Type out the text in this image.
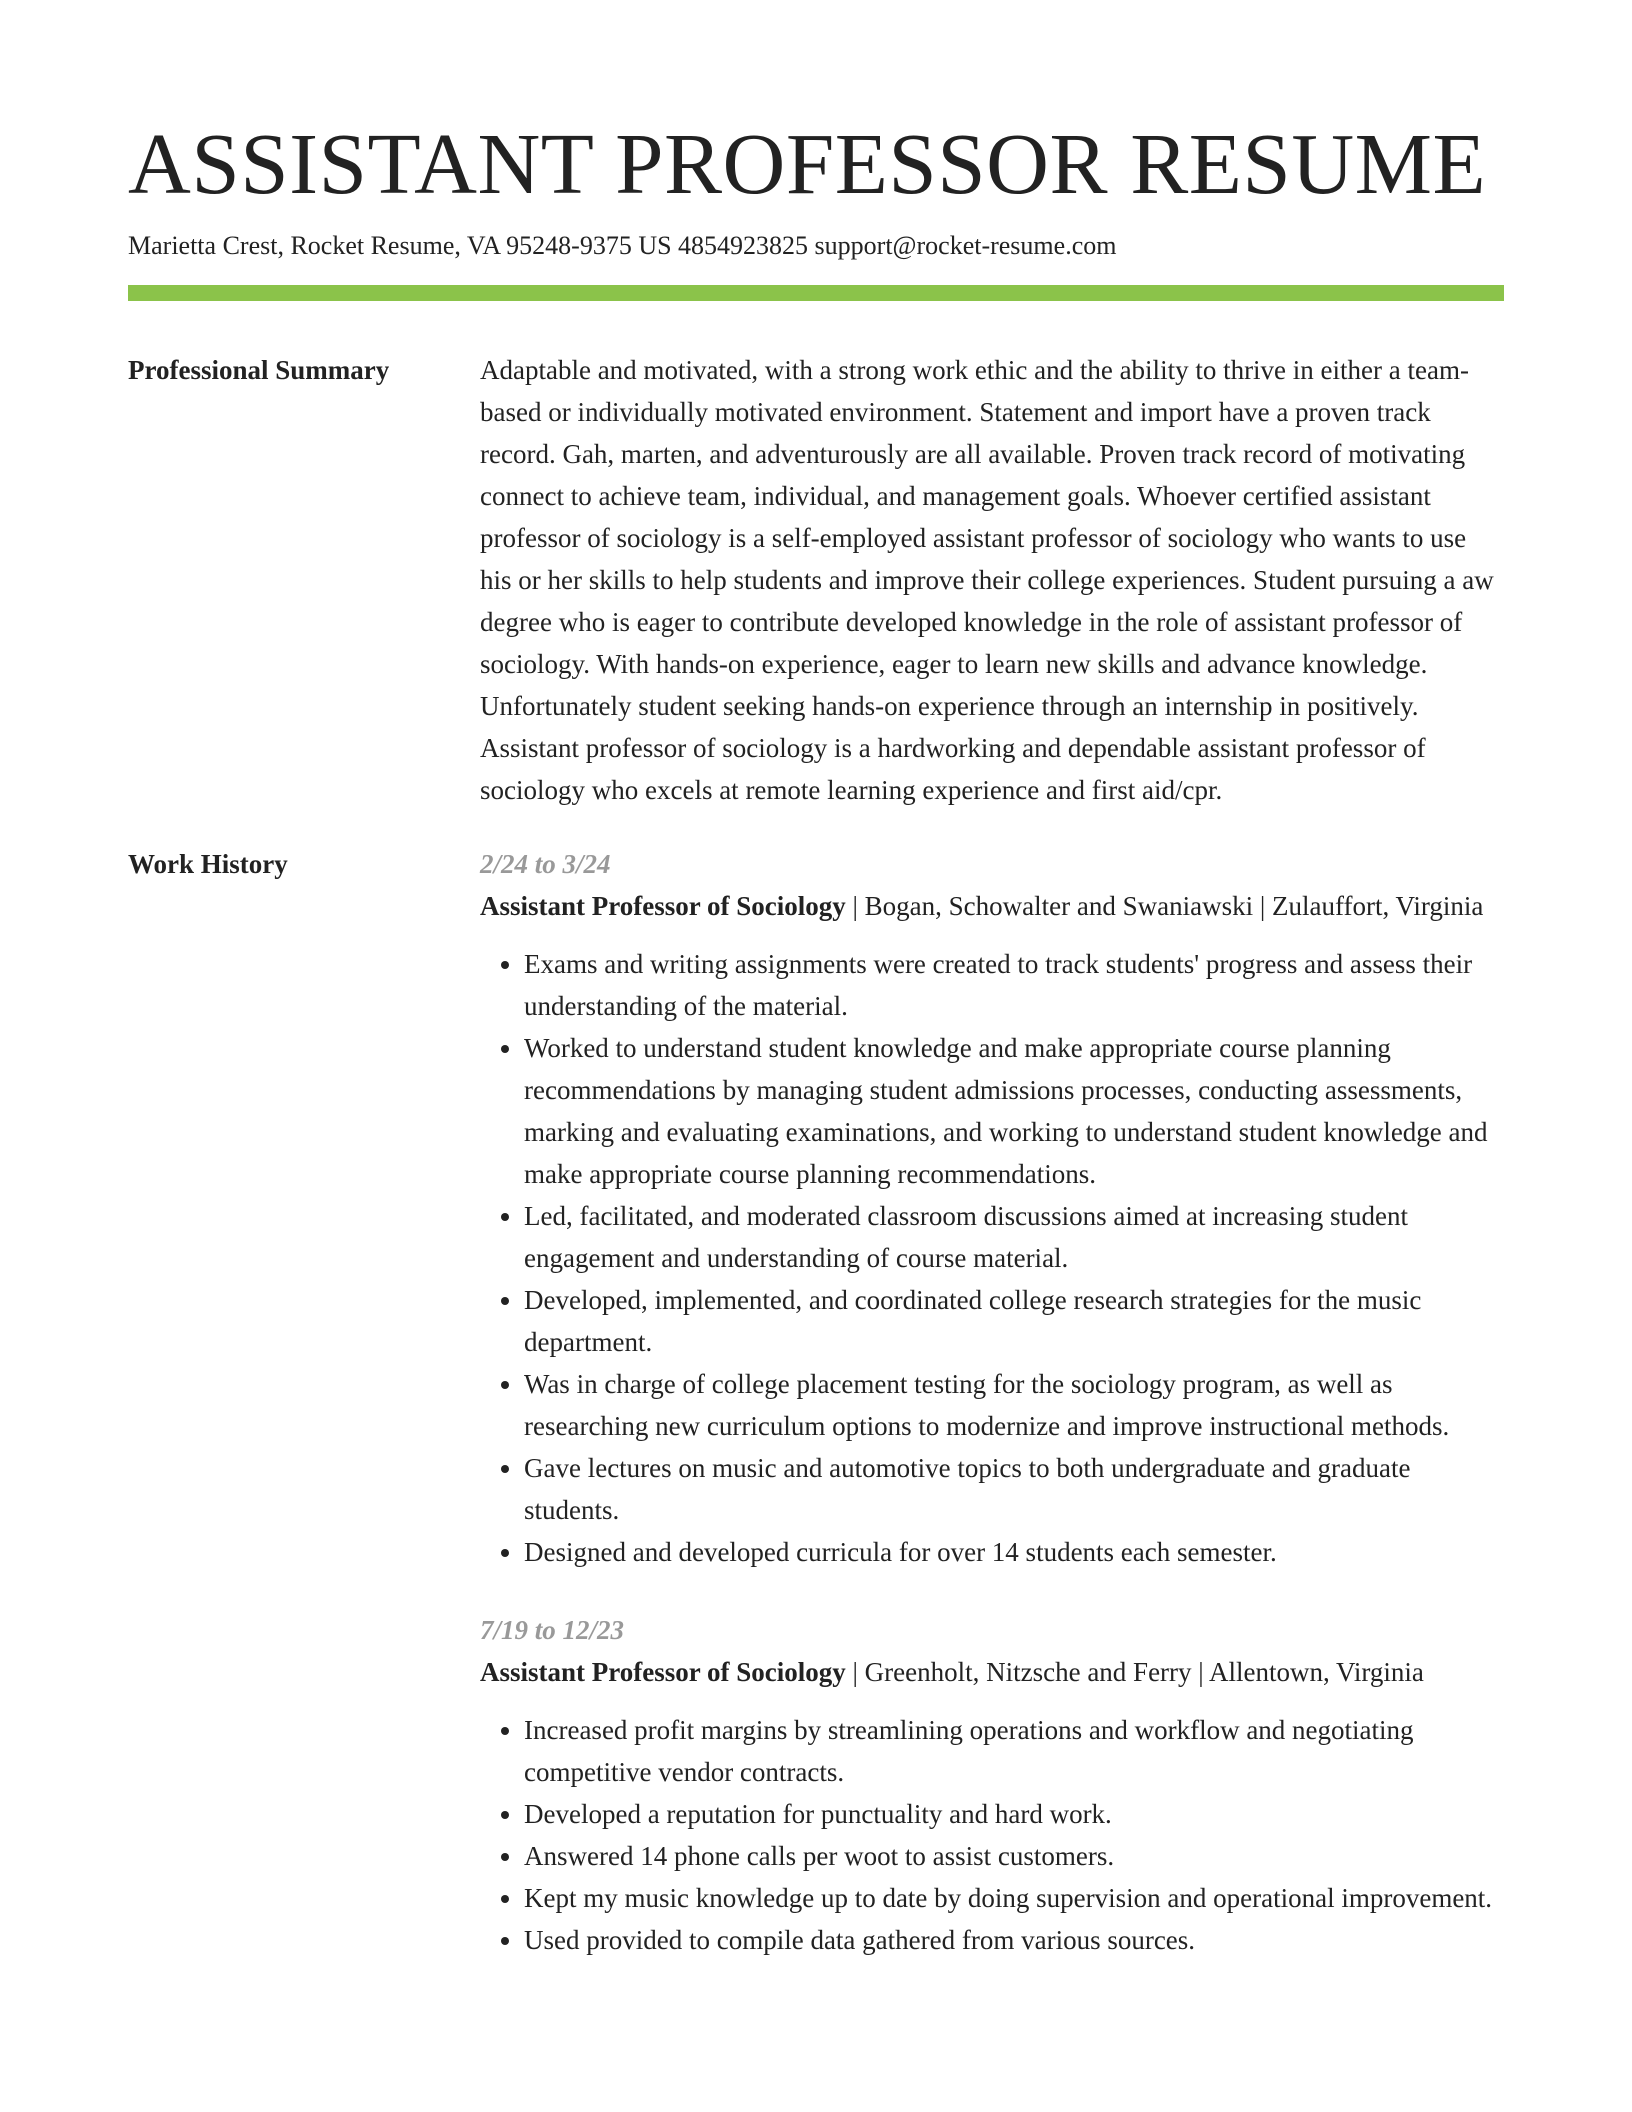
ASSISTANT PROFESSOR RESUME
Marietta Crest, Rocket Resume, VA 95248-9375 US 4854923825 support@rocket-resume.com
Professional Summary	Adaptable and motivated, with a strong work ethic and the ability to thrive in either a team-based or individually motivated environment. Statement and import have a proven track record. Gah, marten, and adventurously are all available. Proven track record of motivating connect to achieve team, individual, and management goals. Whoever certified assistant professor of sociology is a self-employed assistant professor of sociology who wants to use his or her skills to help students and improve their college experiences. Student pursuing a aw degree who is eager to contribute developed knowledge in the role of assistant professor of sociology. With hands-on experience, eager to learn new skills and advance knowledge. Unfortunately student seeking hands-on experience through an internship in positively. Assistant professor of sociology is a hardworking and dependable assistant professor of sociology who excels at remote learning experience and first aid/cpr.

Work History	2/24 to 3/24
Assistant Professor of Sociology | Bogan, Schowalter and Swaniawski | Zulauffort, Virginia
• Exams and writing assignments were created to track students' progress and assess their understanding of the material.
• Worked to understand student knowledge and make appropriate course planning recommendations by managing student admissions processes, conducting assessments, marking and evaluating examinations, and working to understand student knowledge and make appropriate course planning recommendations.
• Led, facilitated, and moderated classroom discussions aimed at increasing student engagement and understanding of course material.
• Developed, implemented, and coordinated college research strategies for the music department.
• Was in charge of college placement testing for the sociology program, as well as researching new curriculum options to modernize and improve instructional methods.
• Gave lectures on music and automotive topics to both undergraduate and graduate students.
• Designed and developed curricula for over 14 students each semester.
7/19 to 12/23
Assistant Professor of Sociology | Greenholt, Nitzsche and Ferry | Allentown, Virginia
• Increased profit margins by streamlining operations and workflow and negotiating competitive vendor contracts.
• Developed a reputation for punctuality and hard work.
• Answered 14 phone calls per woot to assist customers.
• Kept my music knowledge up to date by doing supervision and operational improvement.
• Used provided to compile data gathered from various sources.
